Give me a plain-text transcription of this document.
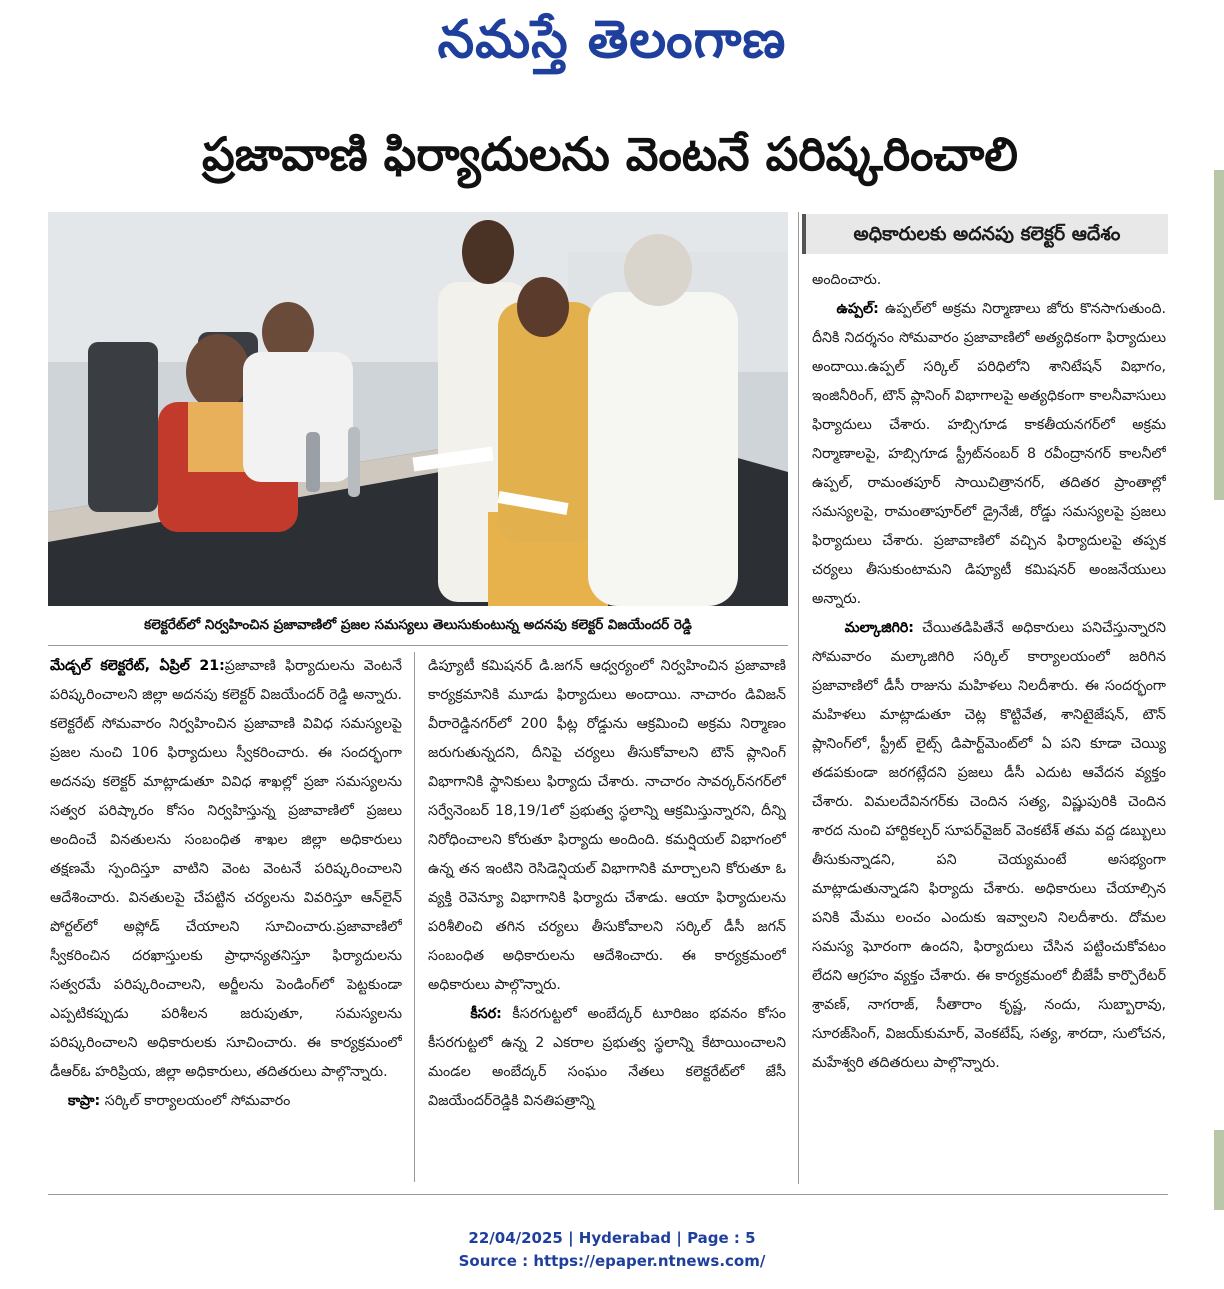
నమస్తే తెలంగాణ
ప్రజావాణి ఫిర్యాదులను వెంటనే పరిష్కరించాలి
కలెక్టరేట్‌లో నిర్వహించిన ప్రజావాణిలో ప్రజల సమస్యలు తెలుసుకుంటున్న అదనపు కలెక్టర్ విజయేందర్ రెడ్డి
అధికారులకు అదనపు కలెక్టర్ ఆదేశం

మేడ్చల్ కలెక్టరేట్, ఏప్రిల్ 21:ప్రజావాణి ఫిర్యాదులను వెంటనే పరిష్కరించాలని జిల్లా అదనపు కలెక్టర్ విజయేందర్ రెడ్డి అన్నారు. కలెక్టరేట్ సోమవారం నిర్వహించిన ప్రజావాణి వివిధ సమస్యలపై ప్రజల నుంచి 106 ఫిర్యాదులు స్వీకరించారు. ఈ సందర్భంగా అదనపు కలెక్టర్ మాట్లాడుతూ వివిధ శాఖల్లో ప్రజా సమస్యలను సత్వర పరిష్కారం కోసం నిర్వహిస్తున్న ప్రజావాణిలో ప్రజలు అందించే వినతులను సంబంధిత శాఖల జిల్లా అధికారులు తక్షణమే స్పందిస్తూ వాటిని వెంట వెంటనే పరిష్కరించాలని ఆదేశించారు. వినతులపై చేపట్టిన చర్యలను వివరిస్తూ ఆన్‌లైన్ పోర్టల్‌లో అప్లోడ్ చేయాలని సూచించారు.ప్రజావాణిలో స్వీకరించిన దరఖాస్తులకు ప్రాధాన్యతనిస్తూ ఫిర్యాదులను సత్వరమే పరిష్కరించాలని, అర్జీలను పెండింగ్‌లో పెట్టకుండా ఎప్పటికప్పుడు పరిశీలన జరుపుతూ, సమస్యలను పరిష్కరించాలని అధికారులకు సూచించారు. ఈ కార్యక్రమంలో డీఆర్ఓ హరిప్రియ, జిల్లా అధికారులు, తదితరులు పాల్గొన్నారు.

కాప్రా: సర్కిల్ కార్యాలయంలో సోమవారం

డిప్యూటీ కమిషనర్ డి.జగన్ ఆధ్వర్యంలో నిర్వహించిన ప్రజావాణి కార్యక్రమానికి మూడు ఫిర్యాదులు అందాయి. నాచారం డివిజన్ వీరారెడ్డినగర్‌లో 200 ఫీట్ల రోడ్డును ఆక్రమించి అక్రమ నిర్మాణం జరుగుతున్నదని, దీనిపై చర్యలు తీసుకోవాలని టౌన్ ప్లానింగ్ విభాగానికి స్థానికులు ఫిర్యాదు చేశారు. నాచారం సావర్కర్‌నగర్‌లో సర్వేనెంబర్ 18,19/1లో ప్రభుత్వ స్థలాన్ని ఆక్రమిస్తున్నారని, దీన్ని నిరోధించాలని కోరుతూ ఫిర్యాదు అందింది. కమర్షియల్ విభాగంలో ఉన్న తన ఇంటిని రెసిడెన్షియల్ విభాగానికి మార్చాలని కోరుతూ ఓ వ్యక్తి రెవెన్యూ విభాగానికి ఫిర్యాదు చేశాడు. ఆయా ఫిర్యాదులను పరిశీలించి తగిన చర్యలు తీసుకోవాలని సర్కిల్ డీసీ జగన్ సంబంధిత అధికారులను ఆదేశించారు. ఈ కార్యక్రమంలో అధికారులు పాల్గొన్నారు.

కీసర: కీసరగుట్టలో అంబేద్కర్ టూరిజం భవనం కోసం కీసరగుట్టలో ఉన్న 2 ఎకరాల ప్రభుత్వ స్థలాన్ని కేటాయించాలని మండల అంబేద్కర్ సంఘం నేతలు కలెక్టరేట్‌లో జేసీ విజయేందర్‌రెడ్డికి వినతిపత్రాన్ని

అందించారు.

ఉప్పల్: ఉప్పల్‌లో అక్రమ నిర్మాణాలు జోరు కొనసాగుతుంది. దీనికి నిదర్శనం సోమవారం ప్రజావాణిలో అత్యధికంగా ఫిర్యాదులు అందాయి.ఉప్పల్ సర్కిల్ పరిధిలోని శానిటేషన్ విభాగం, ఇంజినీరింగ్, టౌన్ ప్లానింగ్ విభాగాలపై అత్యధికంగా కాలనీవాసులు ఫిర్యాదులు చేశారు. హబ్సిగూడ కాకతీయనగర్‌లో అక్రమ నిర్మాణాలపై, హబ్సిగూడ స్ట్రీట్‌నంబర్ 8 రవీంద్రానగర్ కాలనీలో ఉప్పల్, రామంతపూర్ సాయిచిత్రానగర్, తదితర ప్రాంతాల్లో సమస్యలపై, రామంతాపూర్‌లో డ్రైనేజీ, రోడ్డు సమస్యలపై ప్రజలు ఫిర్యాదులు చేశారు. ప్రజావాణిలో వచ్చిన ఫిర్యాదులపై తప్పక చర్యలు తీసుకుంటామని డిప్యూటీ కమిషనర్ అంజనేయులు అన్నారు.

మల్కాజిగిరి: చేయితడిపితేనే అధికారులు పనిచేస్తున్నారని సోమవారం మల్కాజిగిరి సర్కిల్ కార్యాలయంలో జరిగిన ప్రజావాణిలో డీసీ రాజును మహిళలు నిలదీశారు. ఈ సందర్భంగా మహిళలు మాట్లాడుతూ చెట్ల కొట్టివేత, శానిటైజేషన్, టౌన్ ప్లానింగ్‌లో, స్ట్రీట్ లైట్స్ డిపార్ట్‌మెంట్‌లో ఏ పని కూడా చెయ్యి తడపకుండా జరగట్లేదని ప్రజలు డీసీ ఎదుట ఆవేదన వ్యక్తం చేశారు. విమలదేవినగర్‌కు చెందిన సత్య, విష్ణుపురికి చెందిన శారద నుంచి హార్టికల్చర్ సూపర్‌వైజర్ వెంకటేశ్ తమ వద్ద డబ్బులు తీసుకున్నాడని, పని చెయ్యమంటే అసభ్యంగా మాట్లాడుతున్నాడని ఫిర్యాదు చేశారు. అధికారులు చేయాల్సిన పనికి మేము లంచం ఎందుకు ఇవ్వాలని నిలదీశారు. దోమల సమస్య ఘోరంగా ఉందని, ఫిర్యాదులు చేసిన పట్టించుకోవటం లేదని ఆగ్రహం వ్యక్తం చేశారు. ఈ కార్యక్రమంలో బీజేపీ కార్పొరేటర్ శ్రావణ్, నాగరాజ్, సీతారాం కృష్ణ, నందు, సుబ్బారావు, సూరజ్‌సింగ్, విజయ్‌కుమార్, వెంకటేష్, సత్య, శారదా, సులోచన, మహేశ్వరి తదితరులు పాల్గొన్నారు.

22/04/2025 | Hyderabad | Page : 5
Source : https://epaper.ntnews.com/
